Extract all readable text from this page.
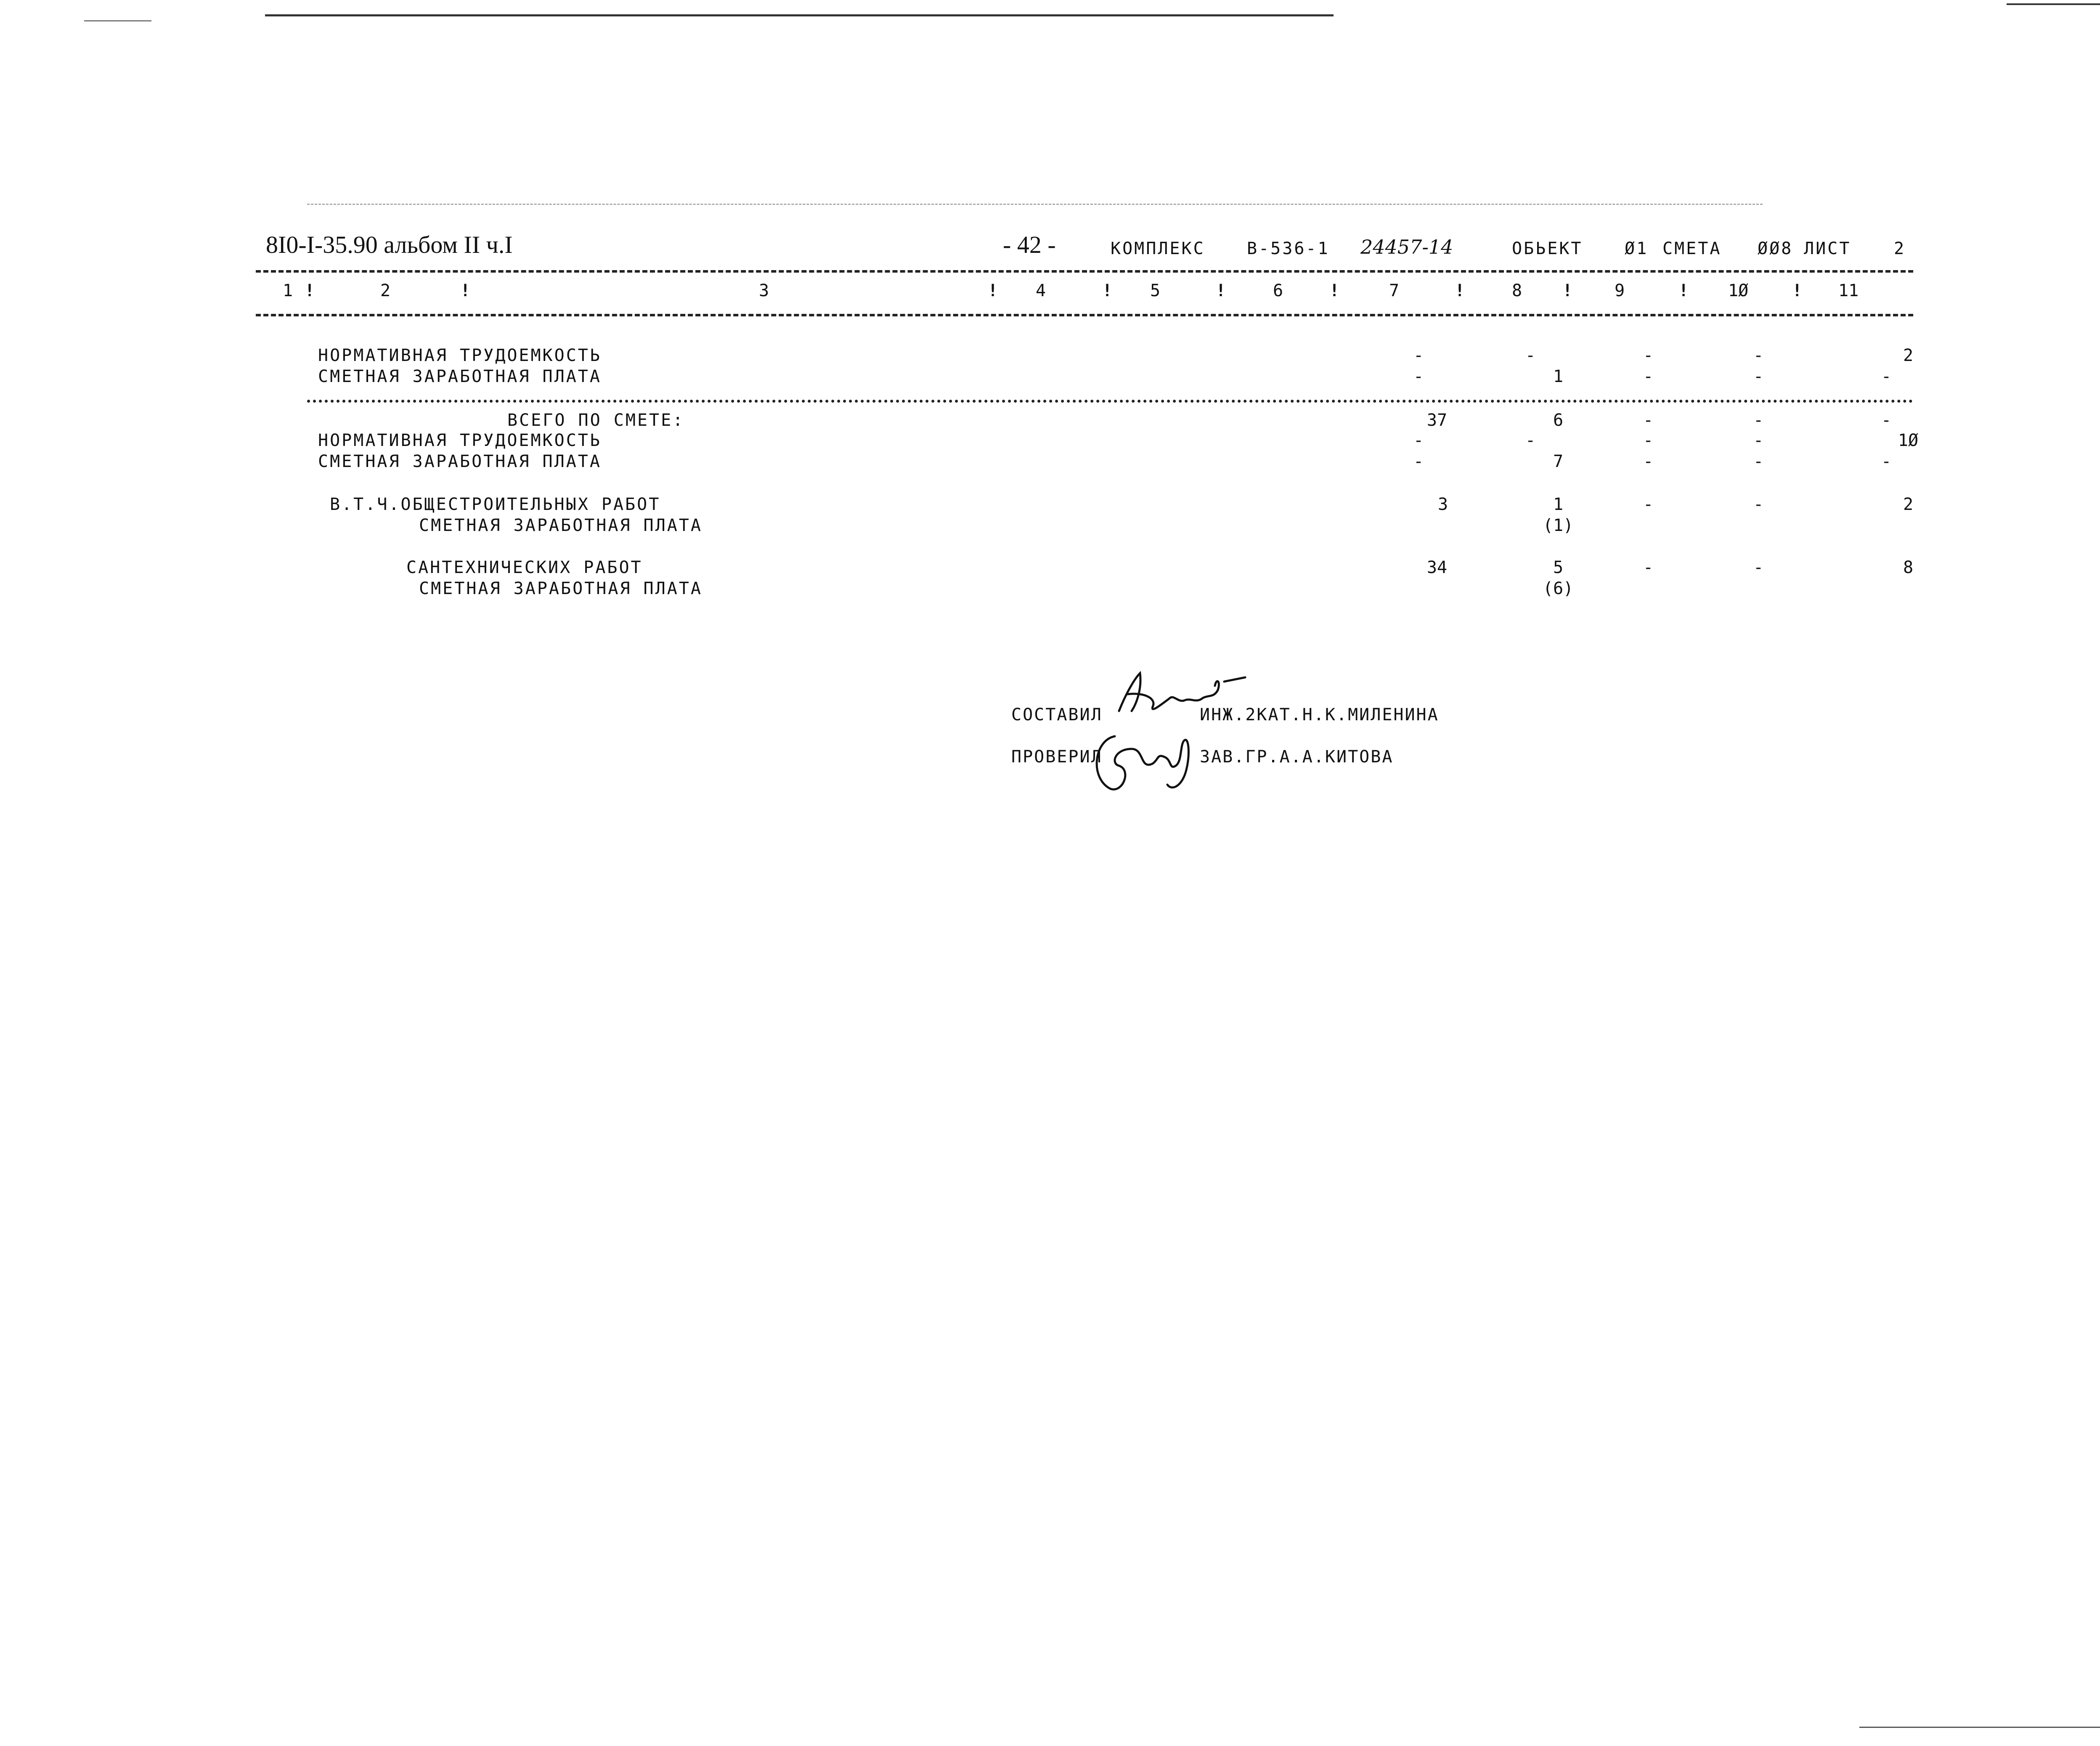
8I0-I-35.90 альбом II ч.I	- 42 -	КОМПЛЕКС В-536-1 24457-14	ОБЬЕКТ Ø1 СМЕТА ØØ8 ЛИСТ	2
1 !	2	!	3	! 4	! 5	!	6	!	7	!	8 ! 9	! 1Ø	! 11
НОРМАТИВНАЯ ТРУДОЕМКОСТЬ	-	-	-	-	2
СМЕТНАЯ ЗАРАБОТНАЯ ПЛАТА	-	1	-	-	-
ВСЕГО ПО СМЕТЕ:	37	6	-	-	-
НОРМАТИВНАЯ ТРУДОЕМКОСТЬ	-	-	-	-	1Ø
СМЕТНАЯ ЗАРАБОТНАЯ ПЛАТА	-	7	-	-	-
В.Т.Ч.ОБЩЕСТРОИТЕЛЬНЫХ РАБОТ	3	1	-	-	2
СМЕТНАЯ ЗАРАБОТНАЯ ПЛАТА	(1)
САНТЕХНИЧЕСКИХ РАБОТ	34	5	-	-	8
СМЕТНАЯ ЗАРАБОТНАЯ ПЛАТА	(6)
СОСТАВИЛ	ИНЖ.2КАТ.Н.К.МИЛЕНИНА
ПРОВЕРИЛ	ЗАВ.ГР.А.А.КИТОВА
